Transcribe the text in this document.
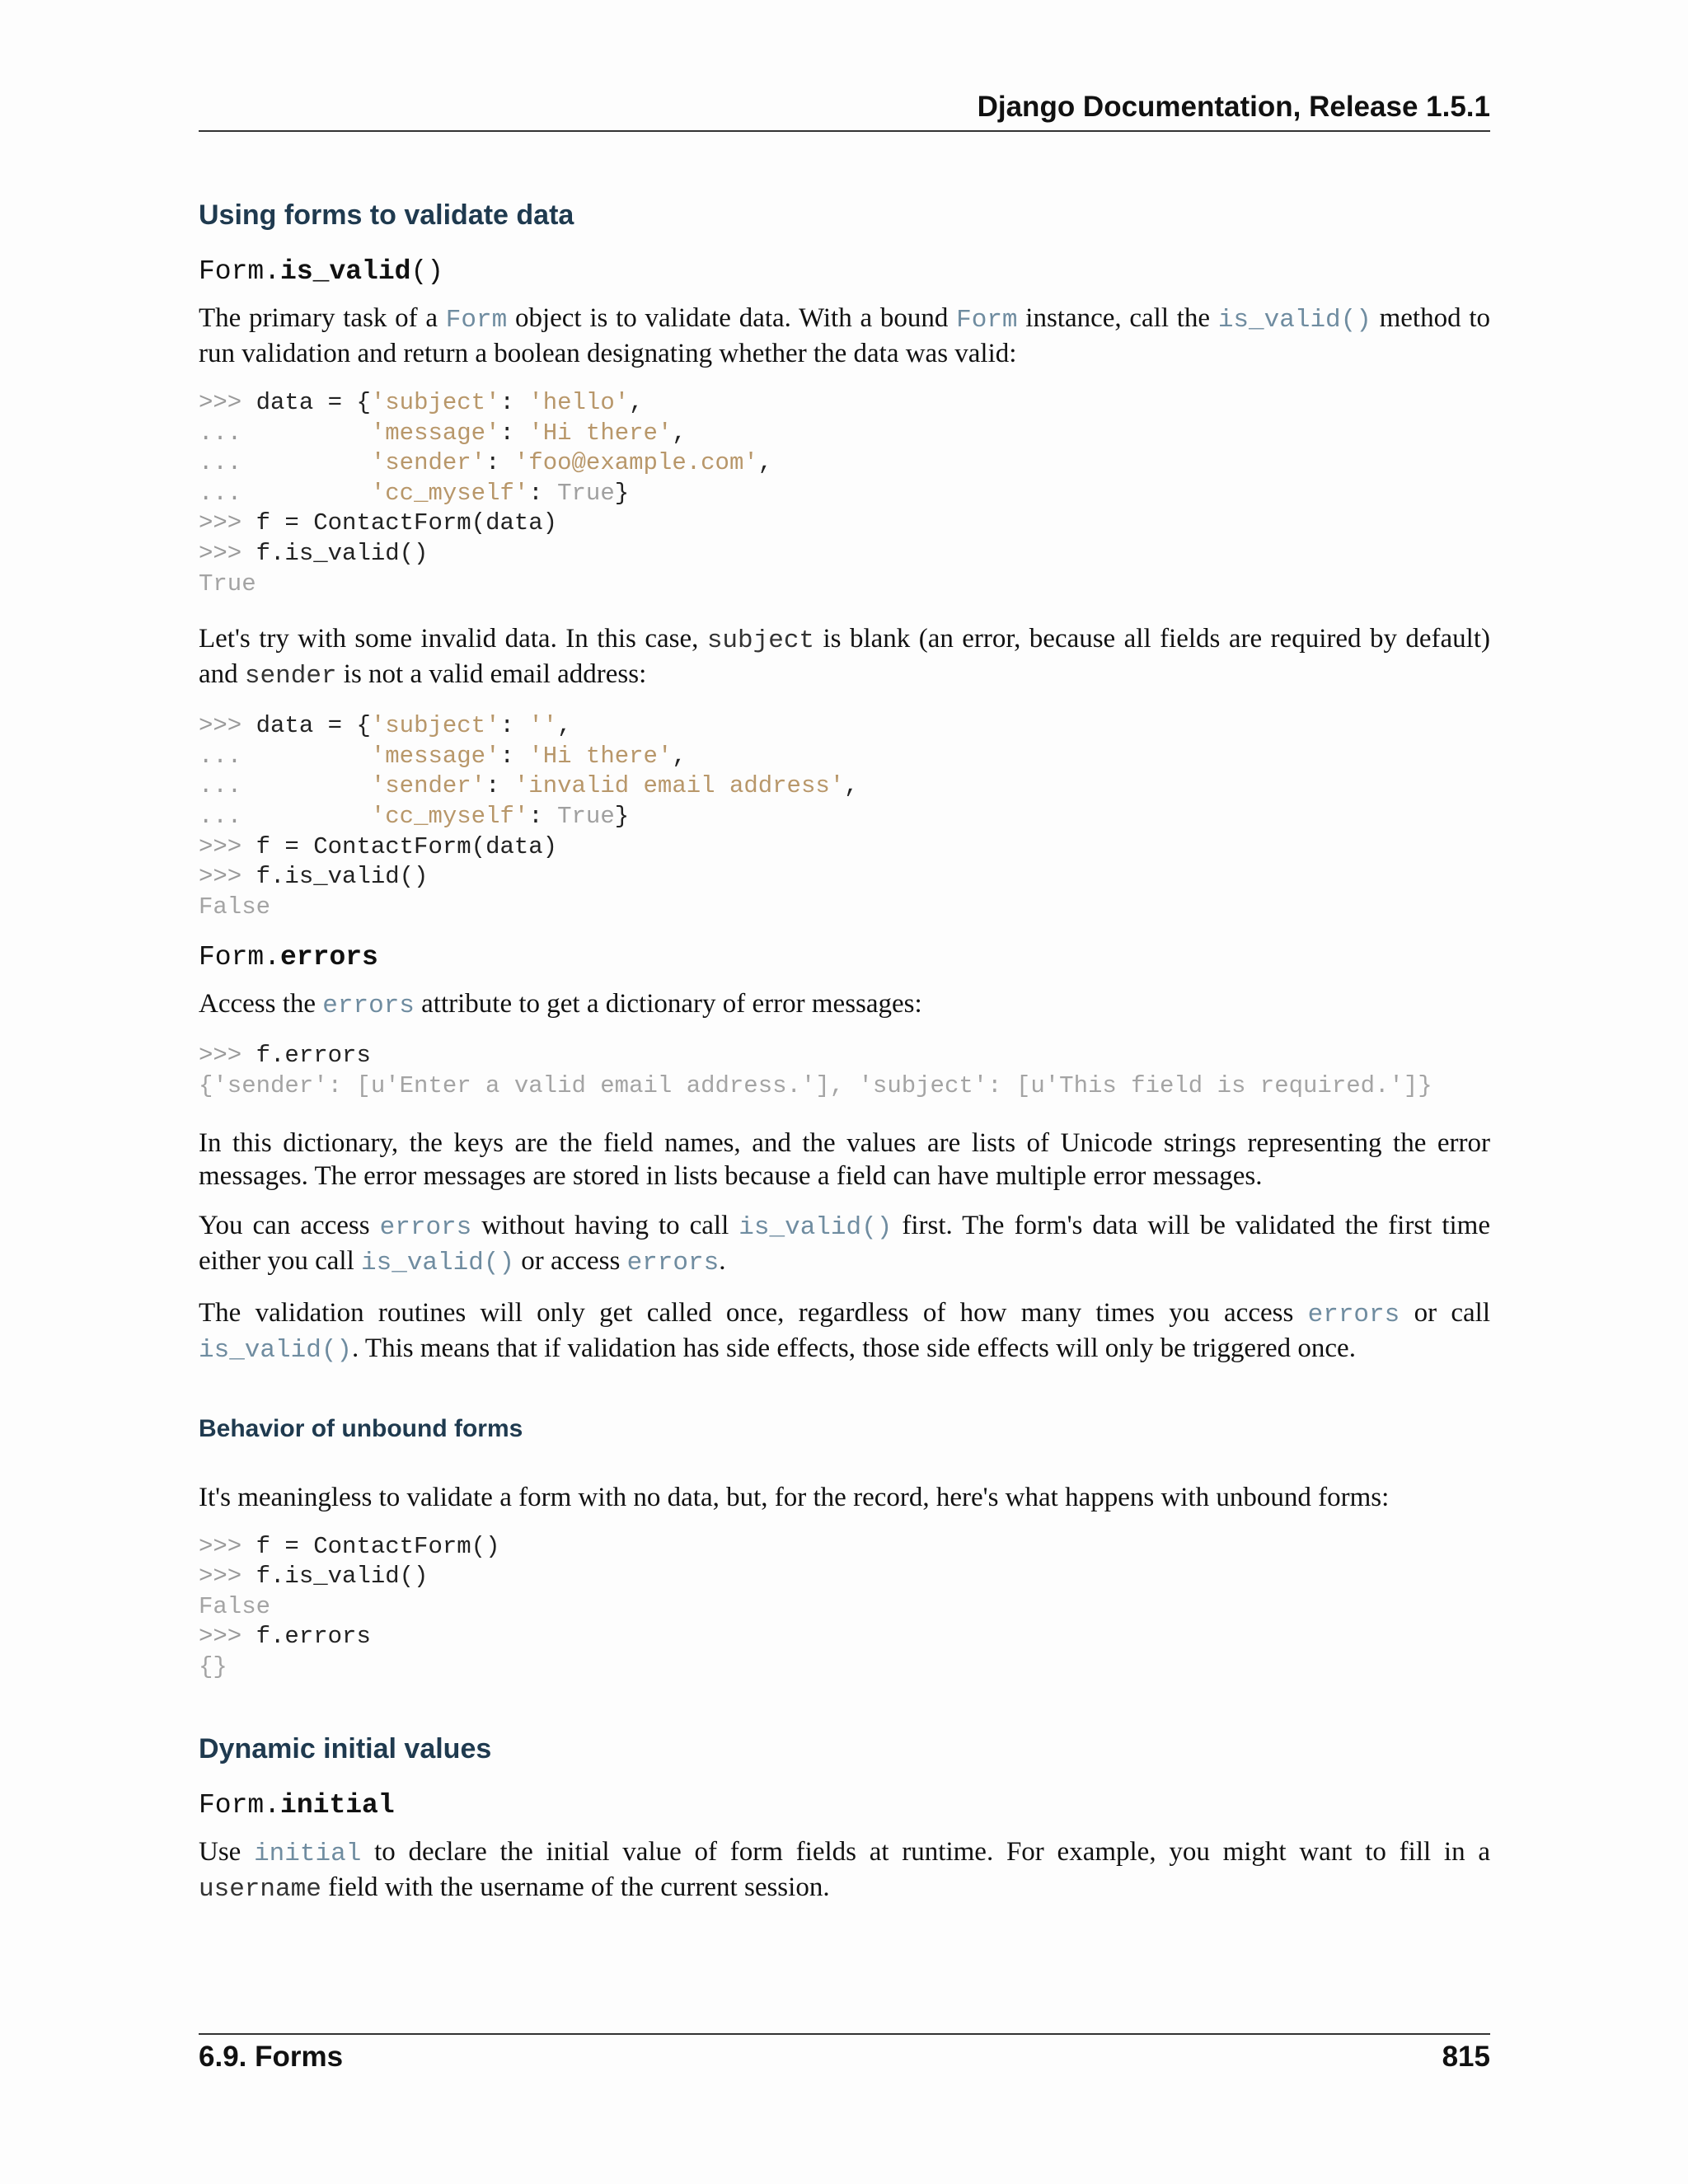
Django Documentation, Release 1.5.1
Using forms to validate data
Form.is_valid()

The primary task of a Form object is to validate data. With a bound Form instance, call the is_valid() method to run validation and return a boolean designating whether the data was valid:

>>> data = {'subject': 'hello',
...	'message': 'Hi there',
...	'sender': 'foo@example.com',
...	'cc_myself': True}
>>> f = ContactForm(data)
>>> f.is_valid()
True

Let's try with some invalid data. In this case, subject is blank (an error, because all fields are required by default) and sender is not a valid email address:

>>> data = {'subject': '',
...	'message': 'Hi there',
...	'sender': 'invalid email address',
...	'cc_myself': True}
>>> f = ContactForm(data)
>>> f.is_valid()
False
Form.errors

Access the errors attribute to get a dictionary of error messages:

>>> f.errors
{'sender': [u'Enter a valid email address.'], 'subject': [u'This field is required.']}

In this dictionary, the keys are the field names, and the values are lists of Unicode strings representing the error messages. The error messages are stored in lists because a field can have multiple error messages.

You can access errors without having to call is_valid() first. The form's data will be validated the first time either you call is_valid() or access errors.

The validation routines will only get called once, regardless of how many times you access errors or call is_valid(). This means that if validation has side effects, those side effects will only be triggered once.

Behavior of unbound forms

It's meaningless to validate a form with no data, but, for the record, here's what happens with unbound forms:

>>> f = ContactForm()
>>> f.is_valid()
False
>>> f.errors
{}
Dynamic initial values
Form.initial

Use initial to declare the initial value of form fields at runtime. For example, you might want to fill in a username field with the username of the current session.

6.9. Forms	815
